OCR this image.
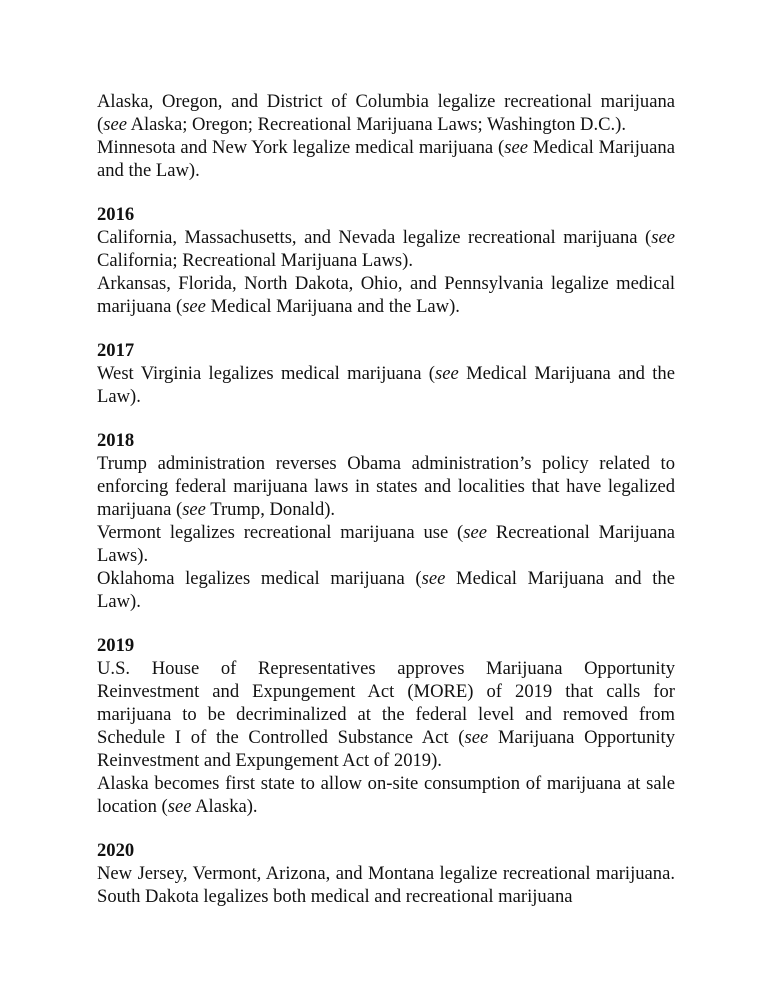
Alaska, Oregon, and District of Columbia legalize recreational marijuana (see Alaska; Oregon; Recreational Marijuana Laws; Washington D.C.).

Minnesota and New York legalize medical marijuana (see Medical Marijuana and the Law).

2016

California, Massachusetts, and Nevada legalize recreational marijuana (see California; Recreational Marijuana Laws).

Arkansas, Florida, North Dakota, Ohio, and Pennsylvania legalize medical marijuana (see Medical Marijuana and the Law).

2017

West Virginia legalizes medical marijuana (see Medical Marijuana and the Law).

2018

Trump administration reverses Obama administration’s policy related to enforcing federal marijuana laws in states and localities that have legalized marijuana (see Trump, Donald).

Vermont legalizes recreational marijuana use (see Recreational Marijuana Laws).

Oklahoma legalizes medical marijuana (see Medical Marijuana and the Law).

2019

U.S. House of Representatives approves Marijuana Opportunity Reinvestment and Expungement Act (MORE) of 2019 that calls for marijuana to be decriminalized at the federal level and removed from Schedule I of the Controlled Substance Act (see Marijuana Opportunity Reinvestment and Expungement Act of 2019).

Alaska becomes first state to allow on-site consumption of marijuana at sale location (see Alaska).

2020

New Jersey, Vermont, Arizona, and Montana legalize recreational marijuana. South Dakota legalizes both medical and recreational marijuana
